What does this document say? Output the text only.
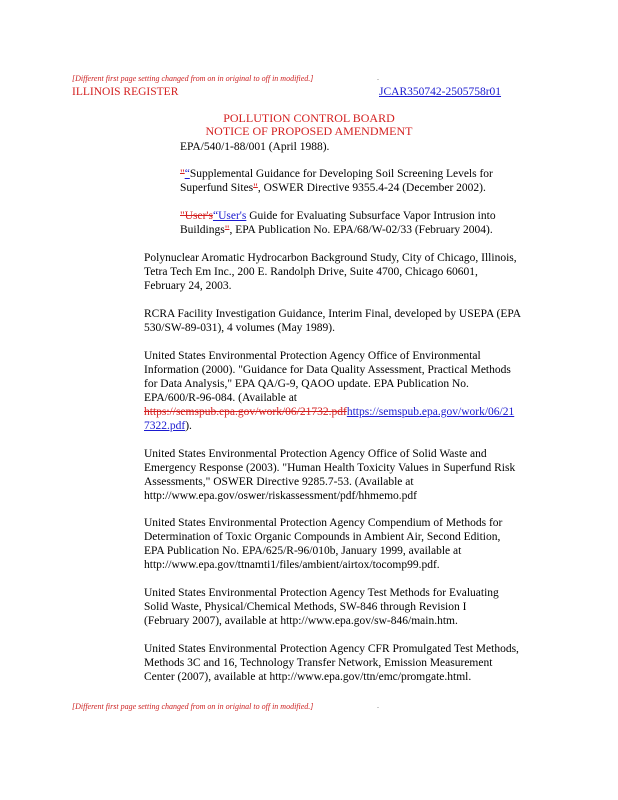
[Different first page setting changed from on in original to off in modified.]	.
ILLINOIS REGISTER	JCAR350742-2505758r01
POLLUTION CONTROL BOARD
NOTICE OF PROPOSED AMENDMENT
EPA/540/1-88/001 (April 1988).
"“Supplemental Guidance for Developing Soil Screening Levels for
Superfund Sites", OSWER Directive 9355.4-24 (December 2002).
"User's“User's Guide for Evaluating Subsurface Vapor Intrusion into
Buildings", EPA Publication No. EPA/68/W-02/33 (February 2004).
Polynuclear Aromatic Hydrocarbon Background Study, City of Chicago, Illinois,
Tetra Tech Em Inc., 200 E. Randolph Drive, Suite 4700, Chicago 60601,
February 24, 2003.
RCRA Facility Investigation Guidance, Interim Final, developed by USEPA (EPA
530/SW-89-031), 4 volumes (May 1989).
United States Environmental Protection Agency Office of Environmental
Information (2000). "Guidance for Data Quality Assessment, Practical Methods
for Data Analysis," EPA QA/G-9, QAOO update. EPA Publication No.
EPA/600/R-96-084. (Available at
https://semspub.epa.gov/work/06/21732.pdfhttps://semspub.epa.gov/work/06/21
7322.pdf).
United States Environmental Protection Agency Office of Solid Waste and
Emergency Response (2003). "Human Health Toxicity Values in Superfund Risk
Assessments," OSWER Directive 9285.7-53. (Available at
http://www.epa.gov/oswer/riskassessment/pdf/hhmemo.pdf
United States Environmental Protection Agency Compendium of Methods for
Determination of Toxic Organic Compounds in Ambient Air, Second Edition,
EPA Publication No. EPA/625/R-96/010b, January 1999, available at
http://www.epa.gov/ttnamti1/files/ambient/airtox/tocomp99.pdf.
United States Environmental Protection Agency Test Methods for Evaluating
Solid Waste, Physical/Chemical Methods, SW-846 through Revision I
(February 2007), available at http://www.epa.gov/sw-846/main.htm.
United States Environmental Protection Agency CFR Promulgated Test Methods,
Methods 3C and 16, Technology Transfer Network, Emission Measurement
Center (2007), available at http://www.epa.gov/ttn/emc/promgate.html.
[Different first page setting changed from on in original to off in modified.]	.
